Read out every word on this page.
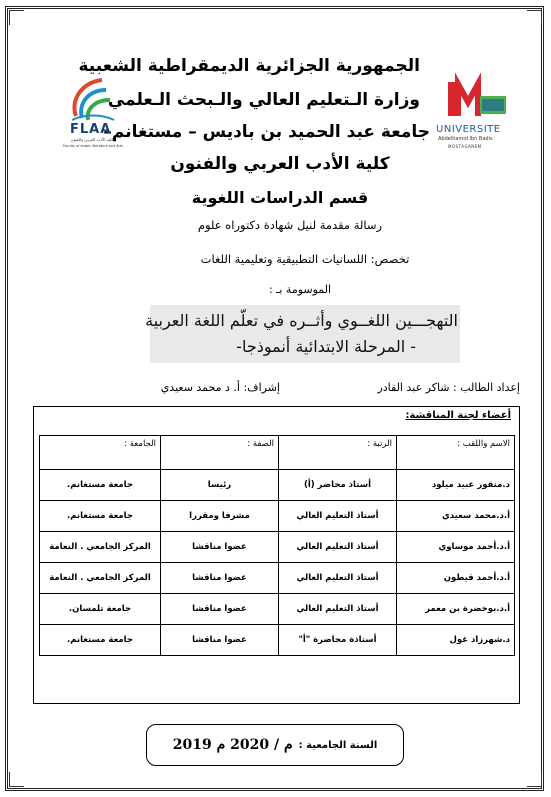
الجمهورية الجزائرية الديمقراطية الشعبية
وزارة الـتعليم العالي والـبحث الـعلمي
جامعة عبد الحميد بن باديس – مستغانم–
كلية الأدب العربي والفنون
قسم الدراسات اللغوية
FLAA
كلية الأدب العربي والفنون
Faculty of arabic literature and Arts
UNIVERSITE
Abdelhamid Ibn Badis
MOSTAGANEM
رسالة مقدمة لنيل شهادة دكتوراه علوم
تخصص: اللسانيات التطبيقية وتعليمية اللغات
الموسومة بـ :
التهجـــين اللغــوي وأثــره في تعلّم اللغة العربية
- المرحلة الابتدائية أنموذجا-
إعداد الطالب : شاكر عبد القادر
إشراف: أ. د محمد سعيدي
أعضاء لجنة المناقشة:
الاسم واللقب :	الرتبة :	الصفة :	الجامعة :
د.منقور عبيد ميلود	أستاذ محاضر (أ)	رئيسا	جامعة مستغانم.
أ.د.محمد سعيدي	أستاذ التعليم العالي	مشرفا ومقررا	جامعة مستغانم.
أ.د.أحمد موساوي	أستاذ التعليم العالي	عضوا مناقشا	المركز الجامعي . النعامة
أ.د.أحمد قيطون	أستاذ التعليم العالي	عضوا مناقشا	المركز الجامعي . النعامة
أ.د.بوخضرة بن معمر	أستاذ التعليم العالي	عضوا مناقشا	جامعة تلمسان.
د.شهرزاد غول	أستاذة محاضرة "أ"	عضوا مناقشا	جامعة مستغانم.
السنة الجامعية :
2019 م / 2020 م
